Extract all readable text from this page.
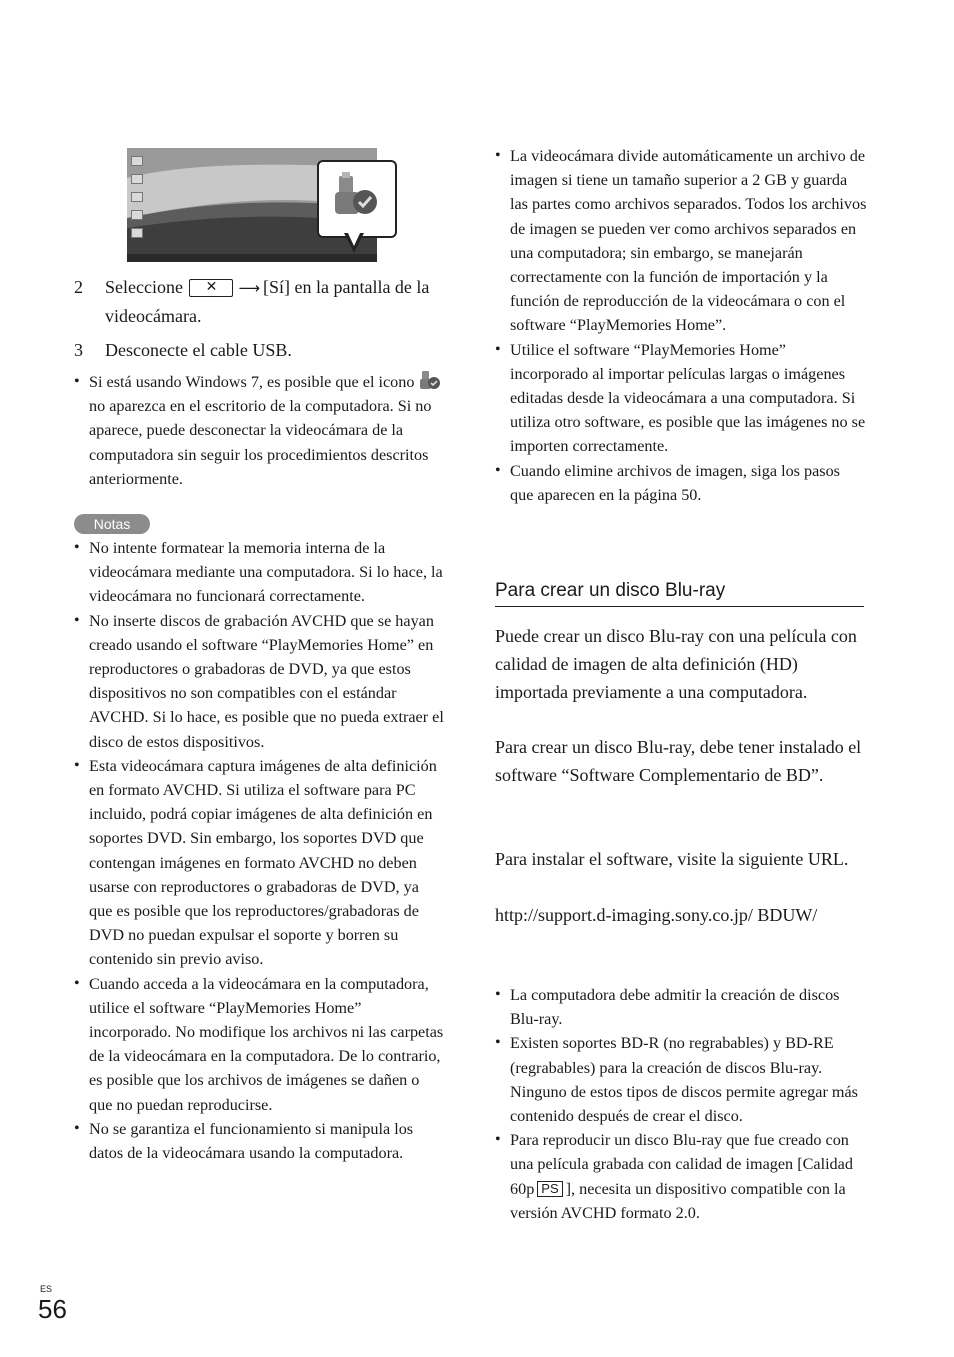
2 Seleccione ✕ ⟶ [Sí] en la pantalla de la videocámara.
3 Desconecte el cable USB.
• Si está usando Windows 7, es posible que el icono  no aparezca en el escritorio de la computadora. Si no aparece, puede desconectar la videocámara de la computadora sin seguir los procedimientos descritos anteriormente.
Notas
• No intente formatear la memoria interna de la videocámara mediante una computadora. Si lo hace, la videocámara no funcionará correctamente.
• No inserte discos de grabación AVCHD que se hayan creado usando el software “PlayMemories Home” en reproductores o grabadoras de DVD, ya que estos dispositivos no son compatibles con el estándar AVCHD. Si lo hace, es posible que no pueda extraer el disco de estos dispositivos.
• Esta videocámara captura imágenes de alta definición en formato AVCHD. Si utiliza el software para PC incluido, podrá copiar imágenes de alta definición en soportes DVD. Sin embargo, los soportes DVD que contengan imágenes en formato AVCHD no deben usarse con reproductores o grabadoras de DVD, ya que es posible que los reproductores/grabadoras de DVD no puedan expulsar el soporte y borren su contenido sin previo aviso.
• Cuando acceda a la videocámara en la computadora, utilice el software “PlayMemories Home” incorporado. No modifique los archivos ni las carpetas de la videocámara en la computadora. De lo contrario, es posible que los archivos de imágenes se dañen o que no puedan reproducirse.
• No se garantiza el funcionamiento si manipula los datos de la videocámara usando la computadora.
• La videocámara divide automáticamente un archivo de imagen si tiene un tamaño superior a 2 GB y guarda las partes como archivos separados. Todos los archivos de imagen se pueden ver como archivos separados en una computadora; sin embargo, se manejarán correctamente con la función de importación y la función de reproducción de la videocámara o con el software “PlayMemories Home”.
• Utilice el software “PlayMemories Home” incorporado al importar películas largas o imágenes editadas desde la videocámara a una computadora. Si utiliza otro software, es posible que las imágenes no se importen correctamente.
• Cuando elimine archivos de imagen, siga los pasos que aparecen en la página 50.
Para crear un disco Blu-ray

Puede crear un disco Blu-ray con una película con calidad de imagen de alta definición (HD) importada previamente a una computadora.

Para crear un disco Blu-ray, debe tener instalado el software “Software Complementario de BD”.

Para instalar el software, visite la siguiente URL.

http://support.d-imaging.sony.co.jp/ BDUW/

• La computadora debe admitir la creación de discos Blu-ray.
• Existen soportes BD-R (no regrabables) y BD-RE (regrabables) para la creación de discos Blu-ray. Ninguno de estos tipos de discos permite agregar más contenido después de crear el disco.
• Para reproducir un disco Blu-ray que fue creado con una película grabada con calidad de imagen [Calidad 60p PS ], necesita un dispositivo compatible con la versión AVCHD formato 2.0.
ES
56
